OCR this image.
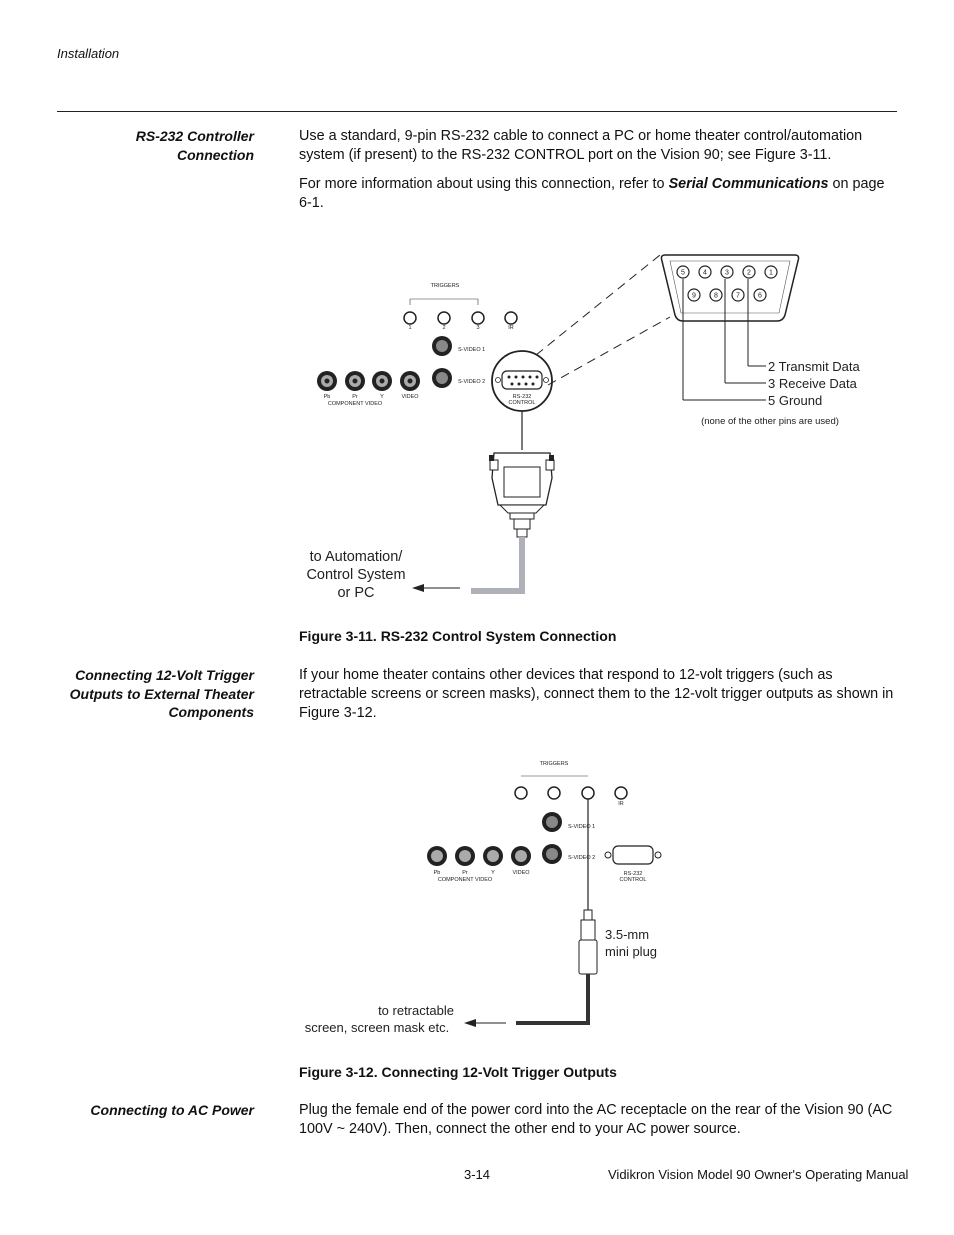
Installation
RS-232 Controller Connection

Use a standard, 9-pin RS-232 cable to connect a PC or home theater control/automation system (if present) to the RS-232 CONTROL port on the Vision 90; see Figure 3-11.

For more information about using this connection, refer to Serial Communications on page 6-1.

TRIGGERS
1	2	3	IR
S-VIDEO 1
S-VIDEO 2
Pb	Pr	Y	VIDEO
COMPONENT VIDEO
RS-232
CONTROL
5	4	3	2	1
9	8	7	6
2 Transmit Data
3 Receive Data
5 Ground
(none of the other pins are used)
to Automation/
Control System
or PC
Figure 3-11. RS-232 Control System Connection
Connecting 12-Volt Trigger Outputs to External Theater Components

If your home theater contains other devices that respond to 12-volt triggers (such as retractable screens or screen masks), connect them to the 12-volt trigger outputs as shown in Figure 3-12.

TRIGGERS
IR
S-VIDEO 1
S-VIDEO 2
Pb	Pr	Y	VIDEO
COMPONENT VIDEO
RS-232
CONTROL
3.5-mm
mini plug
to retractable
screen, screen mask etc.
Figure 3-12. Connecting 12-Volt Trigger Outputs
Connecting to AC Power	Plug the female end of the power cord into the AC receptacle on the rear of the Vision 90 (AC 100V ~ 240V). Then, connect the other end to your AC power source.

3-14	Vidikron Vision Model 90 Owner's Operating Manual
